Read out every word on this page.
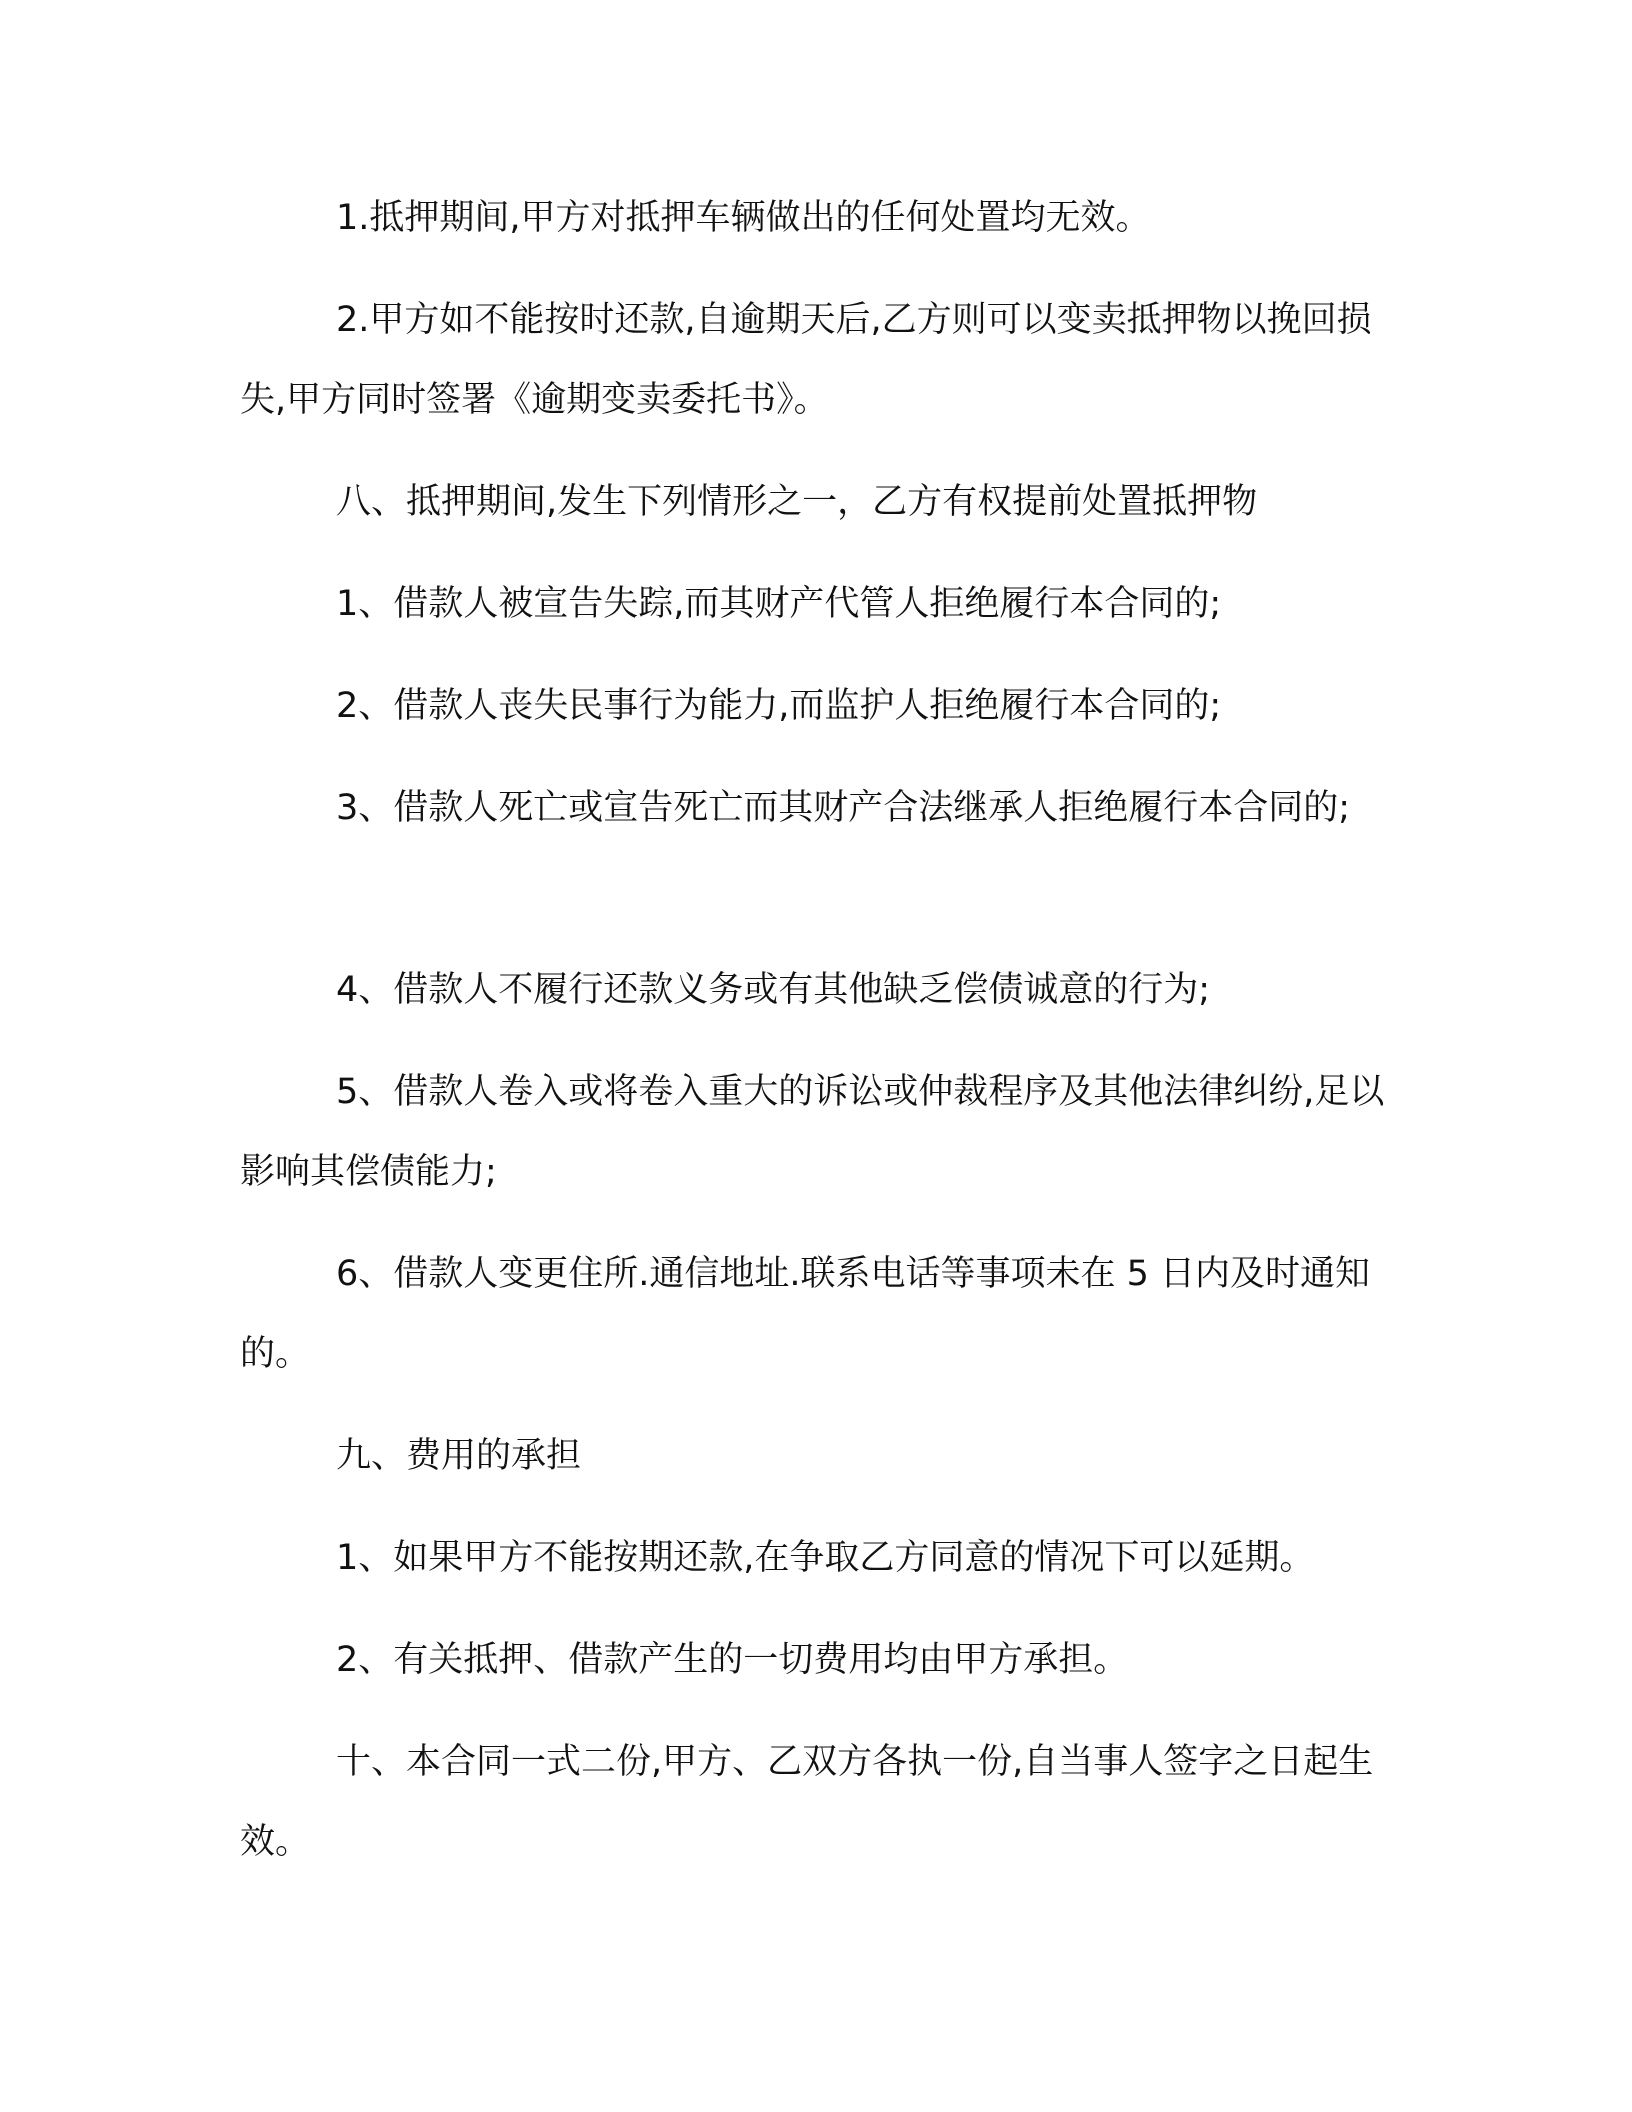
1.抵押期间,甲方对抵押车辆做出的任何处置均无效。

2.甲方如不能按时还款,自逾期天后,乙方则可以变卖抵押物以挽回损失,甲方同时签署《逾期变卖委托书》。

八、抵押期间,发生下列情形之一，乙方有权提前处置抵押物

1、借款人被宣告失踪,而其财产代管人拒绝履行本合同的;

2、借款人丧失民事行为能力,而监护人拒绝履行本合同的;

3、借款人死亡或宣告死亡而其财产合法继承人拒绝履行本合同的;

4、借款人不履行还款义务或有其他缺乏偿债诚意的行为;

5、借款人卷入或将卷入重大的诉讼或仲裁程序及其他法律纠纷,足以影响其偿债能力;

6、借款人变更住所.通信地址.联系电话等事项未在 5 日内及时通知的。

九、费用的承担

1、如果甲方不能按期还款,在争取乙方同意的情况下可以延期。

2、有关抵押、借款产生的一切费用均由甲方承担。

十、本合同一式二份,甲方、乙双方各执一份,自当事人签字之日起生效。
